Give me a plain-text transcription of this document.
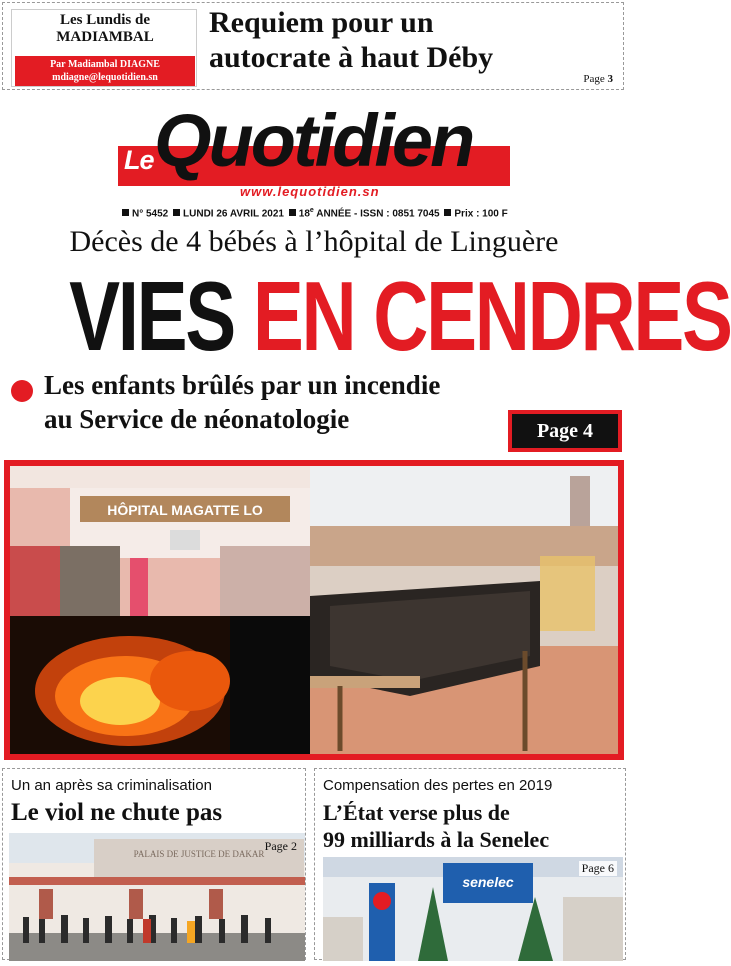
Les Lundis de
MADIAMBAL
Par Madiambal DIAGNE
mdiagne@lequotidien.sn
Requiem pour un
autocrate à haut Déby
Page 3
Le Quotidien
www.lequotidien.sn
N° 5452 LUNDI 26 AVRIL 2021 18e ANNÉE - ISSN : 0851 7045 Prix : 100 F
Décès de 4 bébés à l’hôpital de Linguère
VIES EN CENDRES
Les enfants brûlés par un incendie
au Service de néonatologie	Page 4
HÔPITAL MAGATTE LO
Un an après sa criminalisation
Le viol ne chute pas
PALAIS DE JUSTICE DE DAKAR
Page 2
Compensation des pertes en 2019
L’État verse plus de
99 milliards à la Senelec
senelec
Page 6
